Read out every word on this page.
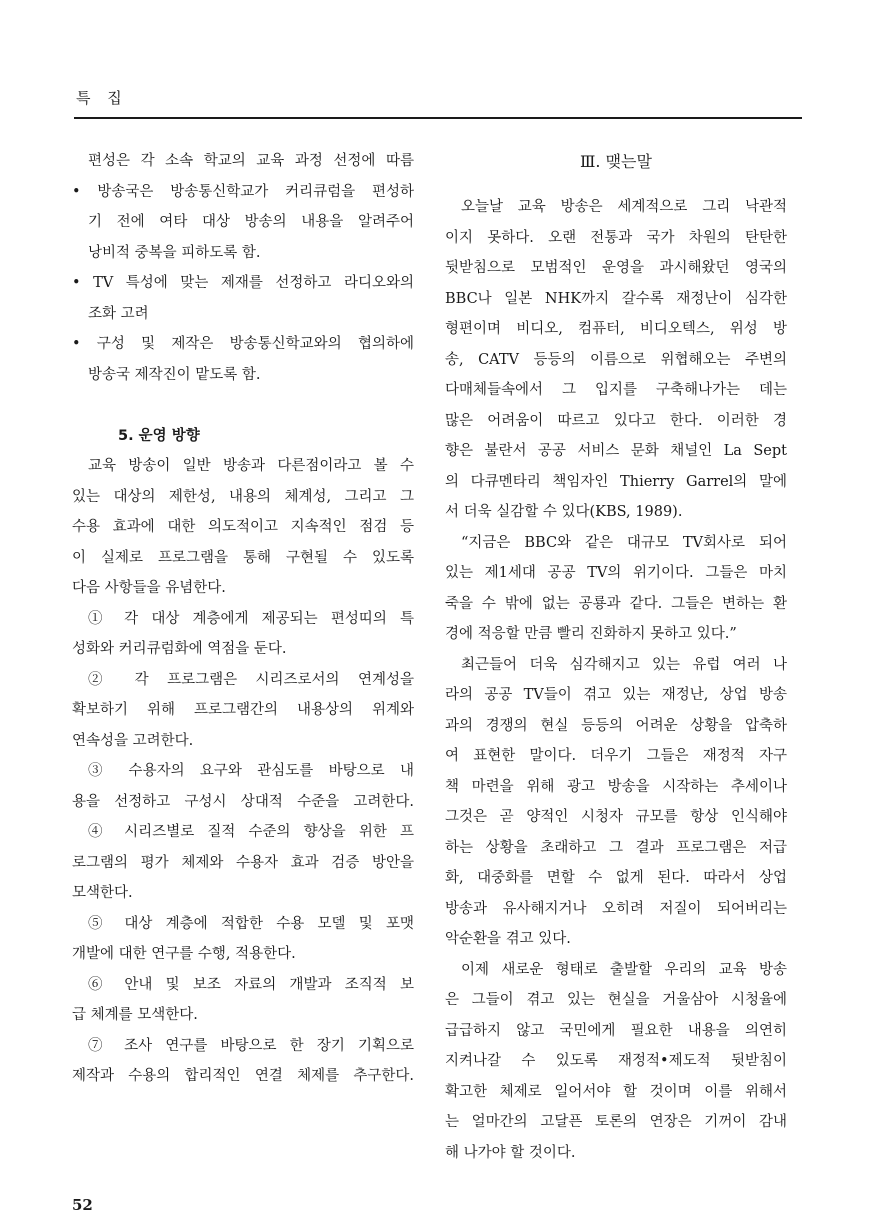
특 집
편성은 각 소속 학교의 교육 과정 선정에 따름
• 방송국은 방송통신학교가 커리큐럼을 편성하
기 전에 여타 대상 방송의 내용을 알려주어
낭비적 중복을 피하도록 함.
• TV 특성에 맞는 제재를 선정하고 라디오와의
조화 고려
• 구성 및 제작은 방송통신학교와의 협의하에
방송국 제작진이 맡도록 함.
5. 운영 방향
교육 방송이 일반 방송과 다른점이라고 볼 수
있는 대상의 제한성, 내용의 체계성, 그리고 그
수용 효과에 대한 의도적이고 지속적인 점검 등
이 실제로 프로그램을 통해 구현될 수 있도록
다음 사항들을 유념한다.
① 각 대상 계층에게 제공되는 편성띠의 특
성화와 커리큐럼화에 역점을 둔다.
② 각 프로그램은 시리즈로서의 연계성을
확보하기 위해 프로그램간의 내용상의 위계와
연속성을 고려한다.
③ 수용자의 요구와 관심도를 바탕으로 내
용을 선정하고 구성시 상대적 수준을 고려한다.
④ 시리즈별로 질적 수준의 향상을 위한 프
로그램의 평가 체제와 수용자 효과 검증 방안을
모색한다.
⑤ 대상 계층에 적합한 수용 모델 및 포맷
개발에 대한 연구를 수행, 적용한다.
⑥ 안내 및 보조 자료의 개발과 조직적 보
급 체계를 모색한다.
⑦ 조사 연구를 바탕으로 한 장기 기획으로
제작과 수용의 합리적인 연결 체제를 추구한다.
Ⅲ. 맺는말
오늘날 교육 방송은 세계적으로 그리 낙관적
이지 못하다. 오랜 전통과 국가 차원의 탄탄한
뒷받침으로 모범적인 운영을 과시해왔던 영국의
BBC나 일본 NHK까지 갈수록 재정난이 심각한
형편이며 비디오, 컴퓨터, 비디오텍스, 위성 방
송, CATV 등등의 이름으로 위협해오는 주변의
다매체들속에서 그 입지를 구축해나가는 데는
많은 어려움이 따르고 있다고 한다. 이러한 경
향은 불란서 공공 서비스 문화 채널인 La Sept
의 다큐멘타리 책임자인 Thierry Garrel의 말에
서 더욱 실감할 수 있다(KBS, 1989).
“지금은 BBC와 같은 대규모 TV회사로 되어
있는 제1세대 공공 TV의 위기이다. 그들은 마치
죽을 수 밖에 없는 공룡과 같다. 그들은 변하는 환
경에 적응할 만큼 빨리 진화하지 못하고 있다.”
최근들어 더욱 심각해지고 있는 유럽 여러 나
라의 공공 TV들이 겪고 있는 재정난, 상업 방송
과의 경쟁의 현실 등등의 어려운 상황을 압축하
여 표현한 말이다. 더우기 그들은 재정적 자구
책 마련을 위해 광고 방송을 시작하는 추세이나
그것은 곧 양적인 시청자 규모를 항상 인식해야
하는 상황을 초래하고 그 결과 프로그램은 저급
화, 대중화를 면할 수 없게 된다. 따라서 상업
방송과 유사해지거나 오히려 저질이 되어버리는
악순환을 겪고 있다.
이제 새로운 형태로 출발할 우리의 교육 방송
은 그들이 겪고 있는 현실을 거울삼아 시청율에
급급하지 않고 국민에게 필요한 내용을 의연히
지켜나갈 수 있도록 재정적•제도적 뒷받침이
확고한 체제로 일어서야 할 것이며 이를 위해서
는 얼마간의 고달픈 토론의 연장은 기꺼이 감내
해 나가야 할 것이다.
52
